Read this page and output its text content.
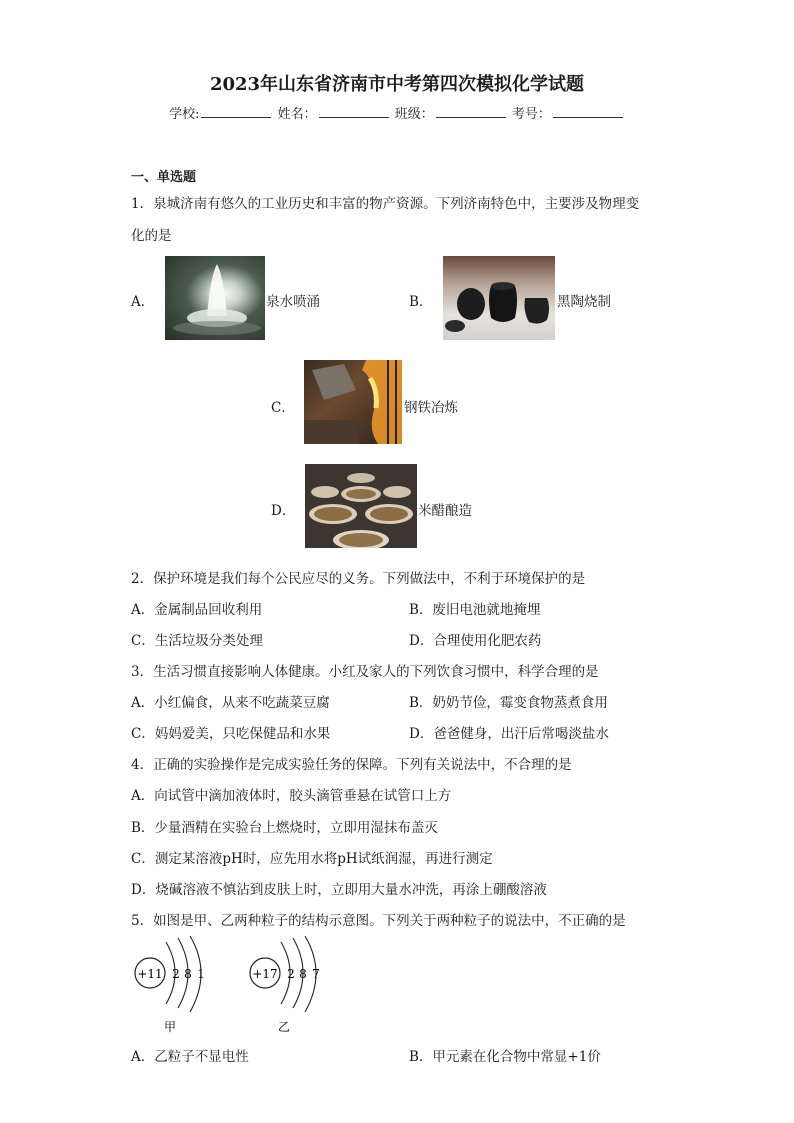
2023年山东省济南市中考第四次模拟化学试题
学校:	姓名：	班级：	考号：
一、单选题
1．泉城济南有悠久的工业历史和丰富的物产资源。下列济南特色中，主要涉及物理变
化的是
A．	泉水喷涌	B．	黑陶烧制
C．	钢铁冶炼
D．	米醋酿造
2．保护环境是我们每个公民应尽的义务。下列做法中，不利于环境保护的是
A．金属制品回收利用	B．废旧电池就地掩埋
C．生活垃圾分类处理	D．合理使用化肥农药
3．生活习惯直接影响人体健康。小红及家人的下列饮食习惯中，科学合理的是
A．小红偏食，从来不吃蔬菜豆腐	B．奶奶节俭，霉变食物蒸煮食用
C．妈妈爱美，只吃保健品和水果	D．爸爸健身，出汗后常喝淡盐水
4．正确的实验操作是完成实验任务的保障。下列有关说法中，不合理的是
A．向试管中滴加液体时，胶头滴管垂悬在试管口上方
B．少量酒精在实验台上燃烧时，立即用湿抹布盖灭
C．测定某溶液pH时，应先用水将pH试纸润湿，再进行测定
D．烧碱溶液不慎沾到皮肤上时，立即用大量水冲洗，再涂上硼酸溶液
5．如图是甲、乙两种粒子的结构示意图。下列关于两种粒子的说法中，不正确的是
+11 2 8 1
甲
+17 2 8 7
乙
A．乙粒子不显电性	B．甲元素在化合物中常显+1价
